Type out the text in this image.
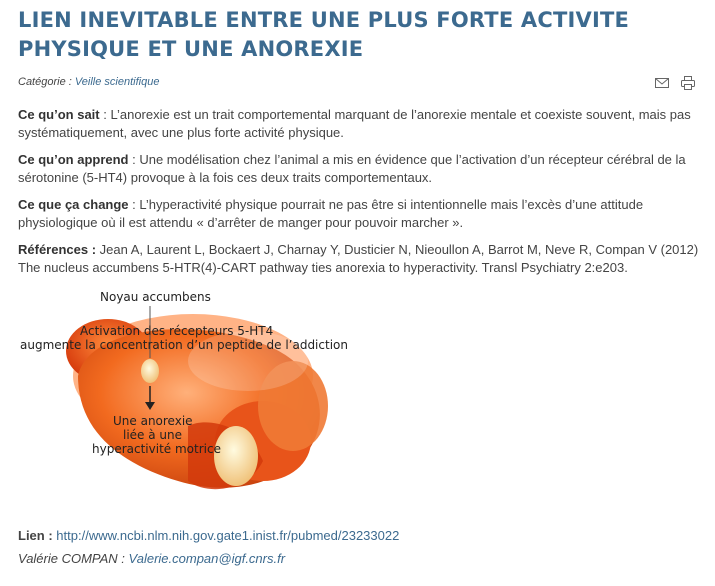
LIEN INEVITABLE ENTRE UNE PLUS FORTE ACTIVITE PHYSIQUE ET UNE ANOREXIE
Catégorie : Veille scientifique

Ce qu’on sait : L’anorexie est un trait comportemental marquant de l’anorexie mentale et coexiste souvent, mais pas systématiquement, avec une plus forte activité physique.

Ce qu’on apprend : Une modélisation chez l’animal a mis en évidence que l’activation d’un récepteur cérébral de la sérotonine (5-HT4) provoque à la fois ces deux traits comportementaux.

Ce que ça change : L’hyperactivité physique pourrait ne pas être si intentionnelle mais l’excès d’une attitude physiologique où il est attendu « d’arrêter de manger pour pouvoir marcher ».

Références : Jean A, Laurent L, Bockaert J, Charnay Y, Dusticier N, Nieoullon A, Barrot M, Neve R, Compan V (2012) The nucleus accumbens 5-HTR(4)-CART pathway ties anorexia to hyperactivity. Transl Psychiatry 2:e203.

Noyau accumbens
Activation des récepteurs 5-HT4
augmente la concentration d’un peptide de l’addiction
Une anorexie
liée à une
hyperactivité motrice
Lien : http://www.ncbi.nlm.nih.gov.gate1.inist.fr/pubmed/23233022
Valérie COMPAN : Valerie.compan@igf.cnrs.fr
